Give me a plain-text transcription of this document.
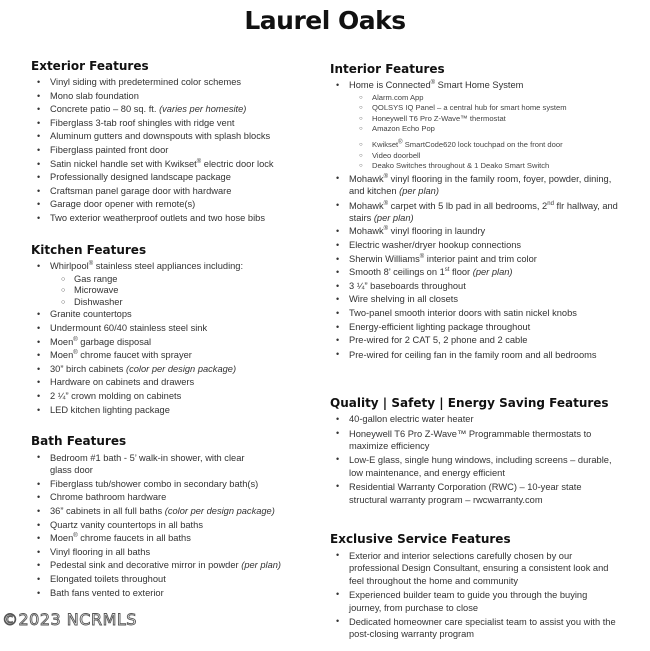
Laurel Oaks
Exterior Features
• Vinyl siding with predetermined color schemes
• Mono slab foundation
• Concrete patio – 80 sq. ft. (varies per homesite)
• Fiberglass 3-tab roof shingles with ridge vent
• Aluminum gutters and downspouts with splash blocks
• Fiberglass painted front door
• Satin nickel handle set with Kwikset® electric door lock
• Professionally designed landscape package
• Craftsman panel garage door with hardware
• Garage door opener with remote(s)
• Two exterior weatherproof outlets and two hose bibs
Kitchen Features
• Whirlpool® stainless steel appliances including:
○ Gas range
○ Microwave
○ Dishwasher
• Granite countertops
• Undermount 60/40 stainless steel sink
• Moen® garbage disposal
• Moen® chrome faucet with sprayer
• 30” birch cabinets (color per design package)
• Hardware on cabinets and drawers
• 2 ¼” crown molding on cabinets
• LED kitchen lighting package
Bath Features
• Bedroom #1 bath - 5’ walk-in shower, with clear glass door
• Fiberglass tub/shower combo in secondary bath(s)
• Chrome bathroom hardware
• 36” cabinets in all full baths (color per design package)
• Quartz vanity countertops in all baths
• Moen® chrome faucets in all baths
• Vinyl flooring in all baths
• Pedestal sink and decorative mirror in powder (per plan)
• Elongated toilets throughout
• Bath fans vented to exterior
Interior Features
• Home is Connected® Smart Home System
○ Alarm.com App
○ QOLSYS IQ Panel – a central hub for smart home system
○ Honeywell T6 Pro Z-Wave™ thermostat
○ Amazon Echo Pop
○ Kwikset® SmartCode620 lock touchpad on the front door
○ Video doorbell
○ Deako Switches throughout & 1 Deako Smart Switch
• Mohawk® vinyl flooring in the family room, foyer, powder, dining, and kitchen (per plan)
• Mohawk® carpet with 5 lb pad in all bedrooms, 2nd flr hallway, and stairs (per plan)
• Mohawk® vinyl flooring in laundry
• Electric washer/dryer hookup connections
• Sherwin Williams® interior paint and trim color
• Smooth 8’ ceilings on 1st floor (per plan)
• 3 ¼” baseboards throughout
• Wire shelving in all closets
• Two-panel smooth interior doors with satin nickel knobs
• Energy-efficient lighting package throughout
• Pre-wired for 2 CAT 5, 2 phone and 2 cable
• Pre-wired for ceiling fan in the family room and all bedrooms
Quality | Safety | Energy Saving Features
• 40-gallon electric water heater
• Honeywell T6 Pro Z-Wave™ Programmable thermostats to maximize efficiency
• Low-E glass, single hung windows, including screens – durable, low maintenance, and energy efficient
• Residential Warranty Corporation (RWC) – 10-year state structural warranty program – rwcwarranty.com
Exclusive Service Features
• Exterior and interior selections carefully chosen by our professional Design Consultant, ensuring a consistent look and feel throughout the home and community
• Experienced builder team to guide you through the buying journey, from purchase to close
• Dedicated homeowner care specialist team to assist you with the post-closing warranty program
©2023 NCRMLS
